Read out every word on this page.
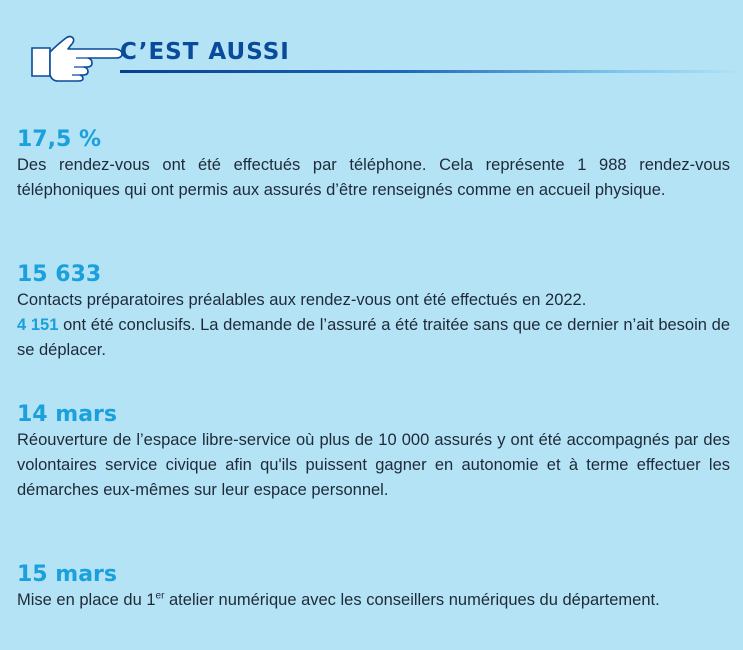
C’EST AUSSI

17,5 %

Des rendez-vous ont été effectués par téléphone. Cela représente 1 988 rendez-vous téléphoniques qui ont permis aux assurés d’être renseignés comme en accueil physique.

15 633

Contacts préparatoires préalables aux rendez-vous ont été effectués en 2022.
4 151 ont été conclusifs. La demande de l’assuré a été traitée sans que ce dernier n’ait besoin de se déplacer.

14 mars

Réouverture de l’espace libre-service où plus de 10 000 assurés y ont été accompagnés par des volontaires service civique afin qu'ils puissent gagner en autonomie et à terme effectuer les démarches eux-mêmes sur leur espace personnel.

15 mars

Mise en place du 1er atelier numérique avec les conseillers numériques du département.
